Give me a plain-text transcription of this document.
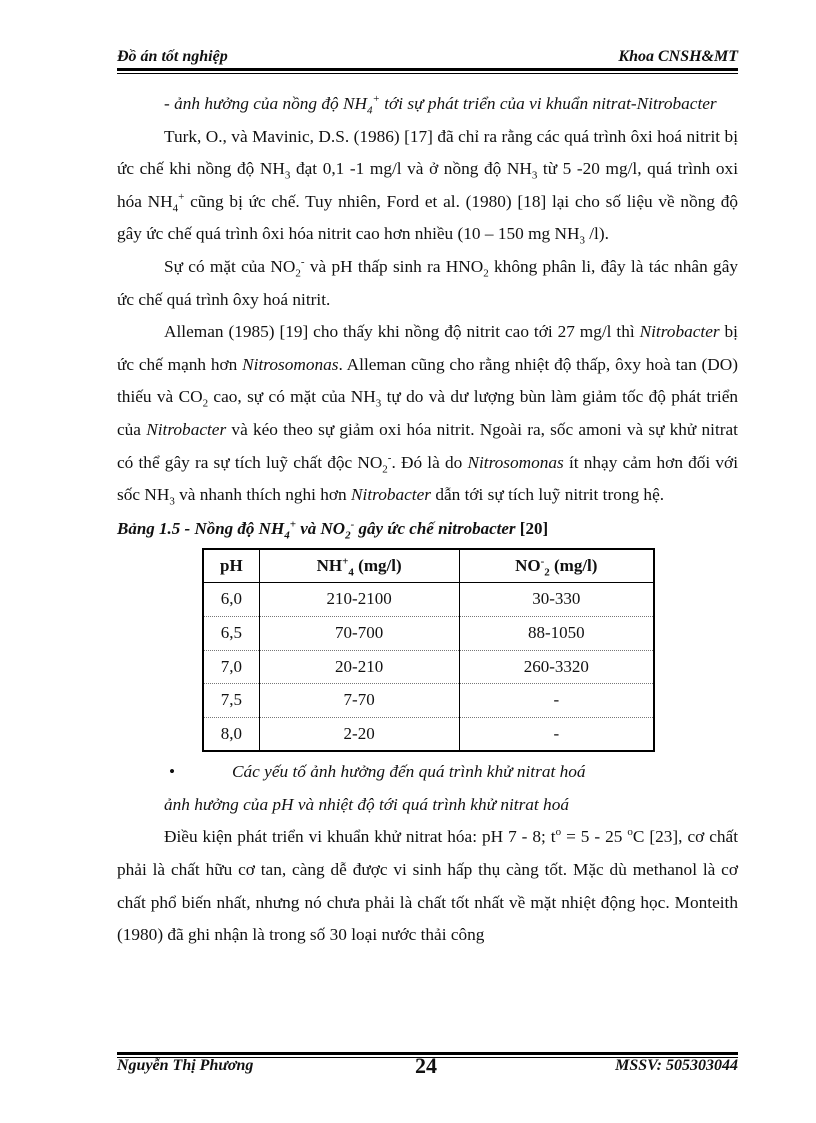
Đồ án tốt nghiệp	Khoa CNSH&MT

- ảnh hưởng của nồng độ $NH_4^+$ tới sự phát triển của vi khuẩn nitrat-Nitrobacter

Turk, O., và Mavinic, D.S. (1986) [17] đã chỉ ra rằng các quá trình ôxi hoá nitrit bị ức chế khi nồng độ $NH_3$ đạt 0,1 -1 mg/l và ở nồng độ $NH_3$ từ 5 -20 mg/l, quá trình oxi hóa $NH_4^+$ cũng bị ức chế. Tuy nhiên, Ford et al. (1980) [18] lại cho số liệu về nồng độ gây ức chế quá trình ôxi hóa nitrit cao hơn nhiều (10 – 150 mg $NH_3$ /l).

Sự có mặt của $NO_2^-$ và pH thấp sinh ra $HNO_2$ không phân li, đây là tác nhân gây ức chế quá trình ôxy hoá nitrit.

Alleman (1985) [19] cho thấy khi nồng độ nitrit cao tới 27 mg/l thì Nitrobacter bị ức chế mạnh hơn Nitrosomonas. Alleman cũng cho rằng nhiệt độ thấp, ôxy hoà tan (DO) thiếu và $CO_2$ cao, sự có mặt của $NH_3$ tự do và dư lượng bùn làm giảm tốc độ phát triển của Nitrobacter và kéo theo sự giảm oxi hóa nitrit. Ngoài ra, sốc amoni và sự khử nitrat có thể gây ra sự tích luỹ chất độc $NO_2^-$. Đó là do Nitrosomonas ít nhạy cảm hơn đối với sốc $NH_3$ và nhanh thích nghi hơn Nitrobacter dẫn tới sự tích luỹ nitrit trong hệ.

Bảng 1.5 - Nồng độ $NH_4^+$ và $NO_2^-$ gây ức chế nitrobacter [20]

pH	$NH^+_4$ (mg/l)	$NO^-_2$ (mg/l)
6,0	210-2100	30-330
6,5	70-700	88-1050
7,0	20-210	260-3320
7,5	7-70	-
8,0	2-20	-

•	Các yếu tố ảnh hưởng đến quá trình khử nitrat hoá

ảnh hưởng của pH và nhiệt độ tới quá trình khử nitrat hoá

Điều kiện phát triển vi khuẩn khử nitrat hóa: pH 7 - 8; $t^o = 5 - 25$ $^o$C [23], cơ chất phải là chất hữu cơ tan, càng dễ được vi sinh hấp thụ càng tốt. Mặc dù methanol là cơ chất phổ biến nhất, nhưng nó chưa phải là chất tốt nhất về mặt nhiệt động học. Monteith (1980) đã ghi nhận là trong số 30 loại nước thải công

Nguyễn Thị Phương	24	MSSV: 505303044
